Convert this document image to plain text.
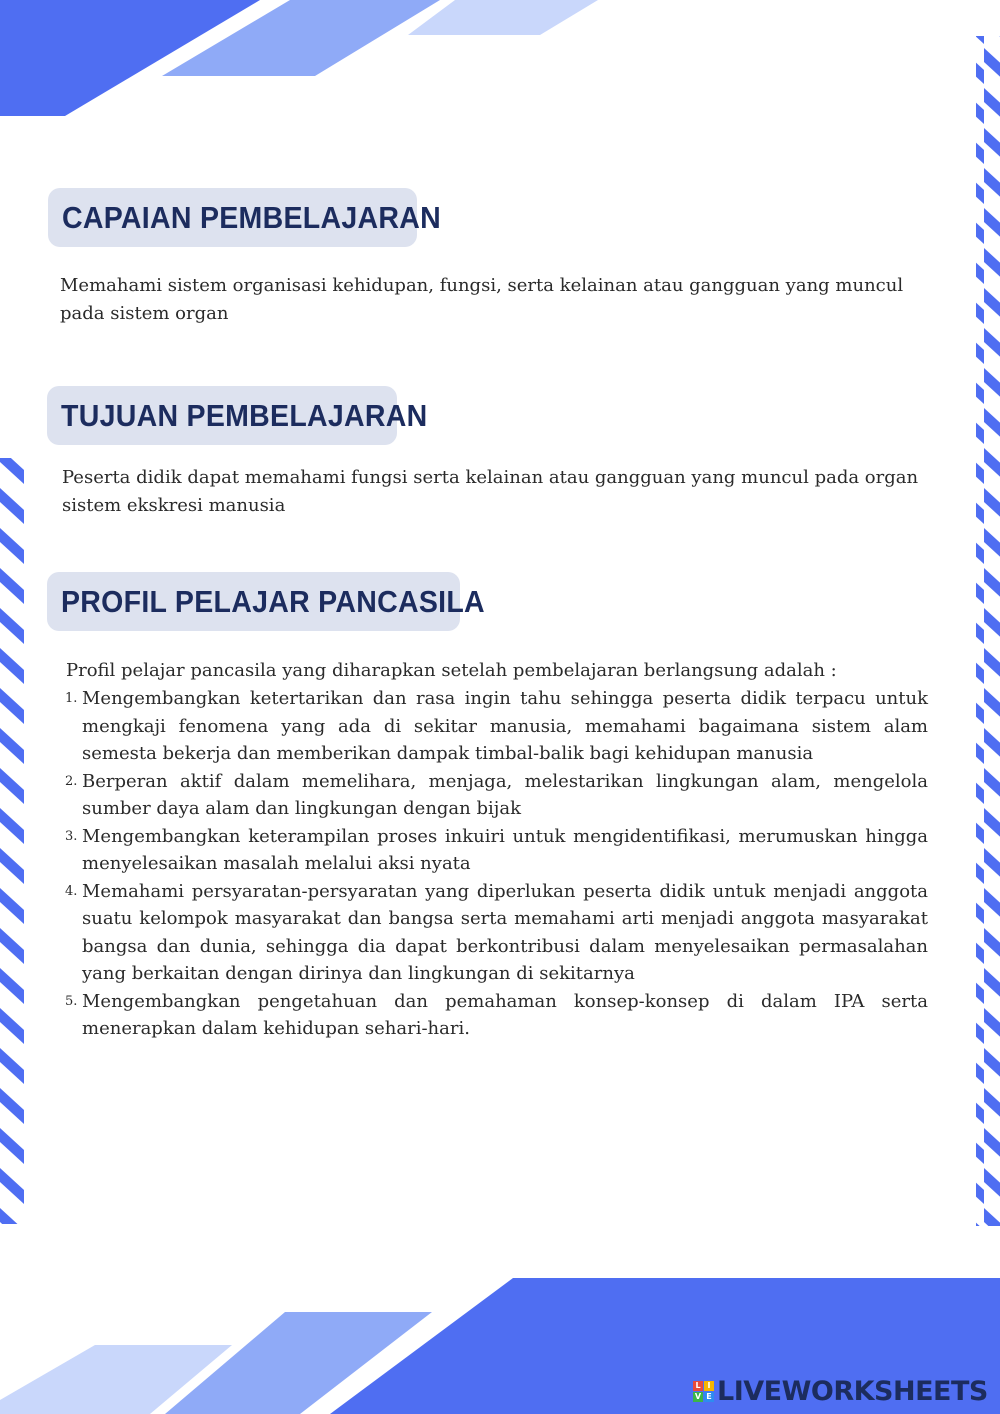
CAPAIAN PEMBELAJARAN

Memahami sistem organisasi kehidupan, fungsi, serta kelainan atau gangguan yang muncul pada sistem organ

TUJUAN PEMBELAJARAN

Peserta didik dapat memahami fungsi serta kelainan atau gangguan yang muncul pada organ sistem ekskresi manusia

PROFIL PELAJAR PANCASILA

Profil pelajar pancasila yang diharapkan setelah pembelajaran berlangsung adalah :

1. Mengembangkan ketertarikan dan rasa ingin tahu sehingga peserta didik terpacu untuk mengkaji fenomena yang ada di sekitar manusia, memahami bagaimana sistem alam semesta bekerja dan memberikan dampak timbal-balik bagi kehidupan manusia
2. Berperan aktif dalam memelihara, menjaga, melestarikan lingkungan alam, mengelola sumber daya alam dan lingkungan dengan bijak
3. Mengembangkan keterampilan proses inkuiri untuk mengidentifikasi, merumuskan hingga menyelesaikan masalah melalui aksi nyata
4. Memahami persyaratan-persyaratan yang diperlukan peserta didik untuk menjadi anggota suatu kelompok masyarakat dan bangsa serta memahami arti menjadi anggota masyarakat bangsa dan dunia, sehingga dia dapat berkontribusi dalam menyelesaikan permasalahan yang berkaitan dengan dirinya dan lingkungan di sekitarnya
5. Mengembangkan pengetahuan dan pemahaman konsep-konsep di dalam IPA serta menerapkan dalam kehidupan sehari-hari.
L I
V E LIVEWORKSHEETS
